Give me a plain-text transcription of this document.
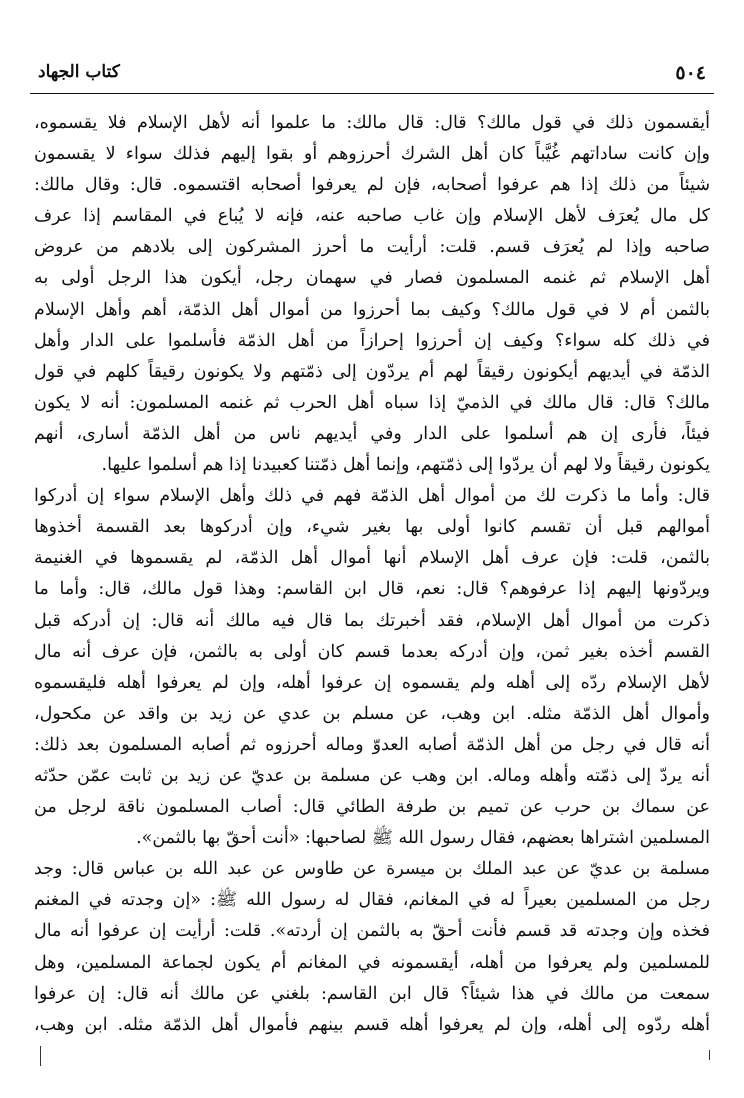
٥٠٤
كتاب الجهاد
أيقسمون ذلك في قول مالك؟ قال: قال مالك: ما علموا أنه لأهل الإسلام فلا يقسموه،
وإن كانت ساداتهم غُيَّباً كان أهل الشرك أحرزوهم أو بقوا إليهم فذلك سواء لا يقسمون
شيئاً من ذلك إذا هم عرفوا أصحابه، فإن لم يعرفوا أصحابه اقتسموه. قال: وقال مالك:
كل مال يُعرَف لأهل الإسلام وإن غاب صاحبه عنه، فإنه لا يُباع في المقاسم إذا عرف
صاحبه وإذا لم يُعرَف قسم. قلت: أرأيت ما أحرز المشركون إلى بلادهم من عروض
أهل الإسلام ثم غنمه المسلمون فصار في سهمان رجل، أيكون هذا الرجل أولى به
بالثمن أم لا في قول مالك؟ وكيف بما أحرزوا من أموال أهل الذمّة، أهم وأهل الإسلام
في ذلك كله سواء؟ وكيف إن أحرزوا إحرازاً من أهل الذمّة فأسلموا على الدار وأهل
الذمّة في أيديهم أيكونون رقيقاً لهم أم يردّون إلى ذمّتهم ولا يكونون رقيقاً كلهم في قول
مالك؟ قال: قال مالك في الذميّ إذا سباه أهل الحرب ثم غنمه المسلمون: أنه لا يكون
فيئاً، فأرى إن هم أسلموا على الدار وفي أيديهم ناس من أهل الذمّة أسارى، أنهم
يكونون رقيقاً ولا لهم أن يردّوا إلى ذمّتهم، وإنما أهل ذمّتنا كعبيدنا إذا هم أسلموا عليها.
قال: وأما ما ذكرت لك من أموال أهل الذمّة فهم في ذلك وأهل الإسلام سواء إن أدركوا
أموالهم قبل أن تقسم كانوا أولى بها بغير شيء، وإن أدركوها بعد القسمة أخذوها
بالثمن، قلت: فإن عرف أهل الإسلام أنها أموال أهل الذمّة، لم يقسموها في الغنيمة
ويردّونها إليهم إذا عرفوهم؟ قال: نعم، قال ابن القاسم: وهذا قول مالك، قال: وأما ما
ذكرت من أموال أهل الإسلام، فقد أخبرتك بما قال فيه مالك أنه قال: إن أدركه قبل
القسم أخذه بغير ثمن، وإن أدركه بعدما قسم كان أولى به بالثمن، فإن عرف أنه مال
لأهل الإسلام ردّه إلى أهله ولم يقسموه إن عرفوا أهله، وإن لم يعرفوا أهله فليقسموه
وأموال أهل الذمّة مثله. ابن وهب، عن مسلم بن عدي عن زيد بن واقد عن مكحول،
أنه قال في رجل من أهل الذمّة أصابه العدوّ وماله أحرزوه ثم أصابه المسلمون بعد ذلك:
أنه يردّ إلى ذمّته وأهله وماله. ابن وهب عن مسلمة بن عديّ عن زيد بن ثابت عمّن حدّثه
عن سماك بن حرب عن تميم بن طرفة الطائي قال: أصاب المسلمون ناقة لرجل من
المسلمين اشتراها بعضهم، فقال رسول الله ﷺ لصاحبها: «أنت أحقّ بها بالثمن».
مسلمة بن عديّ عن عبد الملك بن ميسرة عن طاوس عن عبد الله بن عباس قال: وجد
رجل من المسلمين بعيراً له في المغانم، فقال له رسول الله ﷺ: «إن وجدته في المغنم
فخذه وإن وجدته قد قسم فأنت أحقّ به بالثمن إن أردته». قلت: أرأيت إن عرفوا أنه مال
للمسلمين ولم يعرفوا من أهله، أيقسمونه في المغانم أم يكون لجماعة المسلمين، وهل
سمعت من مالك في هذا شيئاً؟ قال ابن القاسم: بلغني عن مالك أنه قال: إن عرفوا
أهله ردّوه إلى أهله، وإن لم يعرفوا أهله قسم بينهم فأموال أهل الذمّة مثله. ابن وهب،
